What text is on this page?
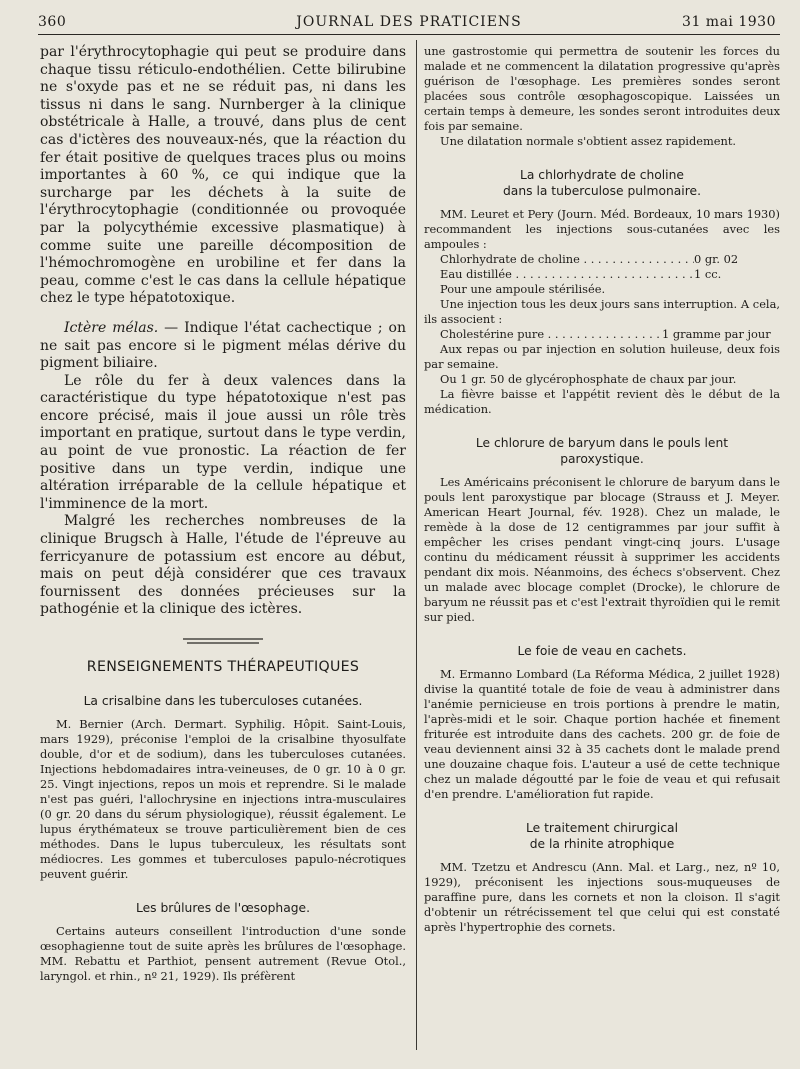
360	JOURNAL DES PRATICIENS	31 mai 1930

par l'érythrocytophagie qui peut se produire dans chaque tissu réticulo-endothélien. Cette bilirubine ne s'oxyde pas et ne se réduit pas, ni dans les tissus ni dans le sang. Nurnberger à la clinique obstétricale à Halle, a trouvé, dans plus de cent cas d'ictères des nouveaux-nés, que la réaction du fer était positive de quelques traces plus ou moins importantes à 60 %, ce qui indique que la surcharge par les déchets à la suite de l'érythrocytophagie (conditionnée ou provoquée par la polycythémie excessive plasmatique) à comme suite une pareille décomposition de l'hémochromogène en urobiline et fer dans la peau, comme c'est le cas dans la cellule hépatique chez le type hépatotoxique.

Ictère mélas. — Indique l'état cachectique ; on ne sait pas encore si le pigment mélas dérive du pigment biliaire.

Le rôle du fer à deux valences dans la caractéristique du type hépatotoxique n'est pas encore précisé, mais il joue aussi un rôle très important en pratique, surtout dans le type verdin, au point de vue pronostic. La réaction de fer positive dans un type verdin, indique une altération irréparable de la cellule hépatique et l'imminence de la mort.

Malgré les recherches nombreuses de la clinique Brugsch à Halle, l'étude de l'épreuve au ferricyanure de potassium est encore au début, mais on peut déjà considérer que ces travaux fournissent des données précieuses sur la pathogénie et la clinique des ictères.

RENSEIGNEMENTS THÉRAPEUTIQUES
La crisalbine dans les tuberculoses cutanées.

M. Bernier (Arch. Dermart. Syphilig. Hôpit. Saint-Louis, mars 1929), préconise l'emploi de la crisalbine thyosulfate double, d'or et de sodium), dans les tuberculoses cutanées. Injections hebdomadaires intra-veineuses, de 0 gr. 10 à 0 gr. 25. Vingt injections, repos un mois et reprendre. Si le malade n'est pas guéri, l'allochrysine en injections intra-musculaires (0 gr. 20 dans du sérum physiologique), réussit également. Le lupus érythémateux se trouve particulièrement bien de ces méthodes. Dans le lupus tuberculeux, les résultats sont médiocres. Les gommes et tuberculoses papulo-nécrotiques peuvent guérir.

Les brûlures de l'œsophage.

Certains auteurs conseillent l'introduction d'une sonde œsophagienne tout de suite après les brûlures de l'œsophage. MM. Rebattu et Parthiot, pensent autrement (Revue Otol., laryngol. et rhin., nº 21, 1929). Ils préfèrent

une gastrostomie qui permettra de soutenir les forces du malade et ne commencent la dilatation progressive qu'après guérison de l'œsophage. Les premières sondes seront placées sous contrôle œsophagoscopique. Laissées un certain temps à demeure, les sondes seront introduites deux fois par semaine.

Une dilatation normale s'obtient assez rapidement.

La chlorhydrate de choline
dans la tuberculose pulmonaire.

MM. Leuret et Pery (Journ. Méd. Bordeaux, 10 mars 1930) recommandent les injections sous-cutanées avec les ampoules :

Chlorhydrate de choline . . .	0 gr. 02
Eau distillée . . .	1 cc.

Pour une ampoule stérilisée.

Une injection tous les deux jours sans interruption. A cela, ils associent :

Cholestérine pure . . .	1 gramme par jour

Aux repas ou par injection en solution huileuse, deux fois par semaine.

Ou 1 gr. 50 de glycérophosphate de chaux par jour.

La fièvre baisse et l'appétit revient dès le début de la médication.

Le chlorure de baryum dans le pouls lent
paroxystique.

Les Américains préconisent le chlorure de baryum dans le pouls lent paroxystique par blocage (Strauss et J. Meyer. American Heart Journal, fév. 1928). Chez un malade, le remède à la dose de 12 centigrammes par jour suffit à empêcher les crises pendant vingt-cinq jours. L'usage continu du médicament réussit à supprimer les accidents pendant dix mois. Néanmoins, des échecs s'observent. Chez un malade avec blocage complet (Drocke), le chlorure de baryum ne réussit pas et c'est l'extrait thyroïdien qui le remit sur pied.

Le foie de veau en cachets.

M. Ermanno Lombard (La Réforma Médica, 2 juillet 1928) divise la quantité totale de foie de veau à administrer dans l'anémie pernicieuse en trois portions à prendre le matin, l'après-midi et le soir. Chaque portion hachée et finement friturée est introduite dans des cachets. 200 gr. de foie de veau deviennent ainsi 32 à 35 cachets dont le malade prend une douzaine chaque fois. L'auteur a usé de cette technique chez un malade dégoutté par le foie de veau et qui refusait d'en prendre. L'amélioration fut rapide.

Le traitement chirurgical
de la rhinite atrophique

MM. Tzetzu et Andrescu (Ann. Mal. et Larg., nez, nº 10, 1929), préconisent les injections sous-muqueuses de paraffine pure, dans les cornets et non la cloison. Il s'agit d'obtenir un rétrécissement tel que celui qui est constaté après l'hypertrophie des cornets.
